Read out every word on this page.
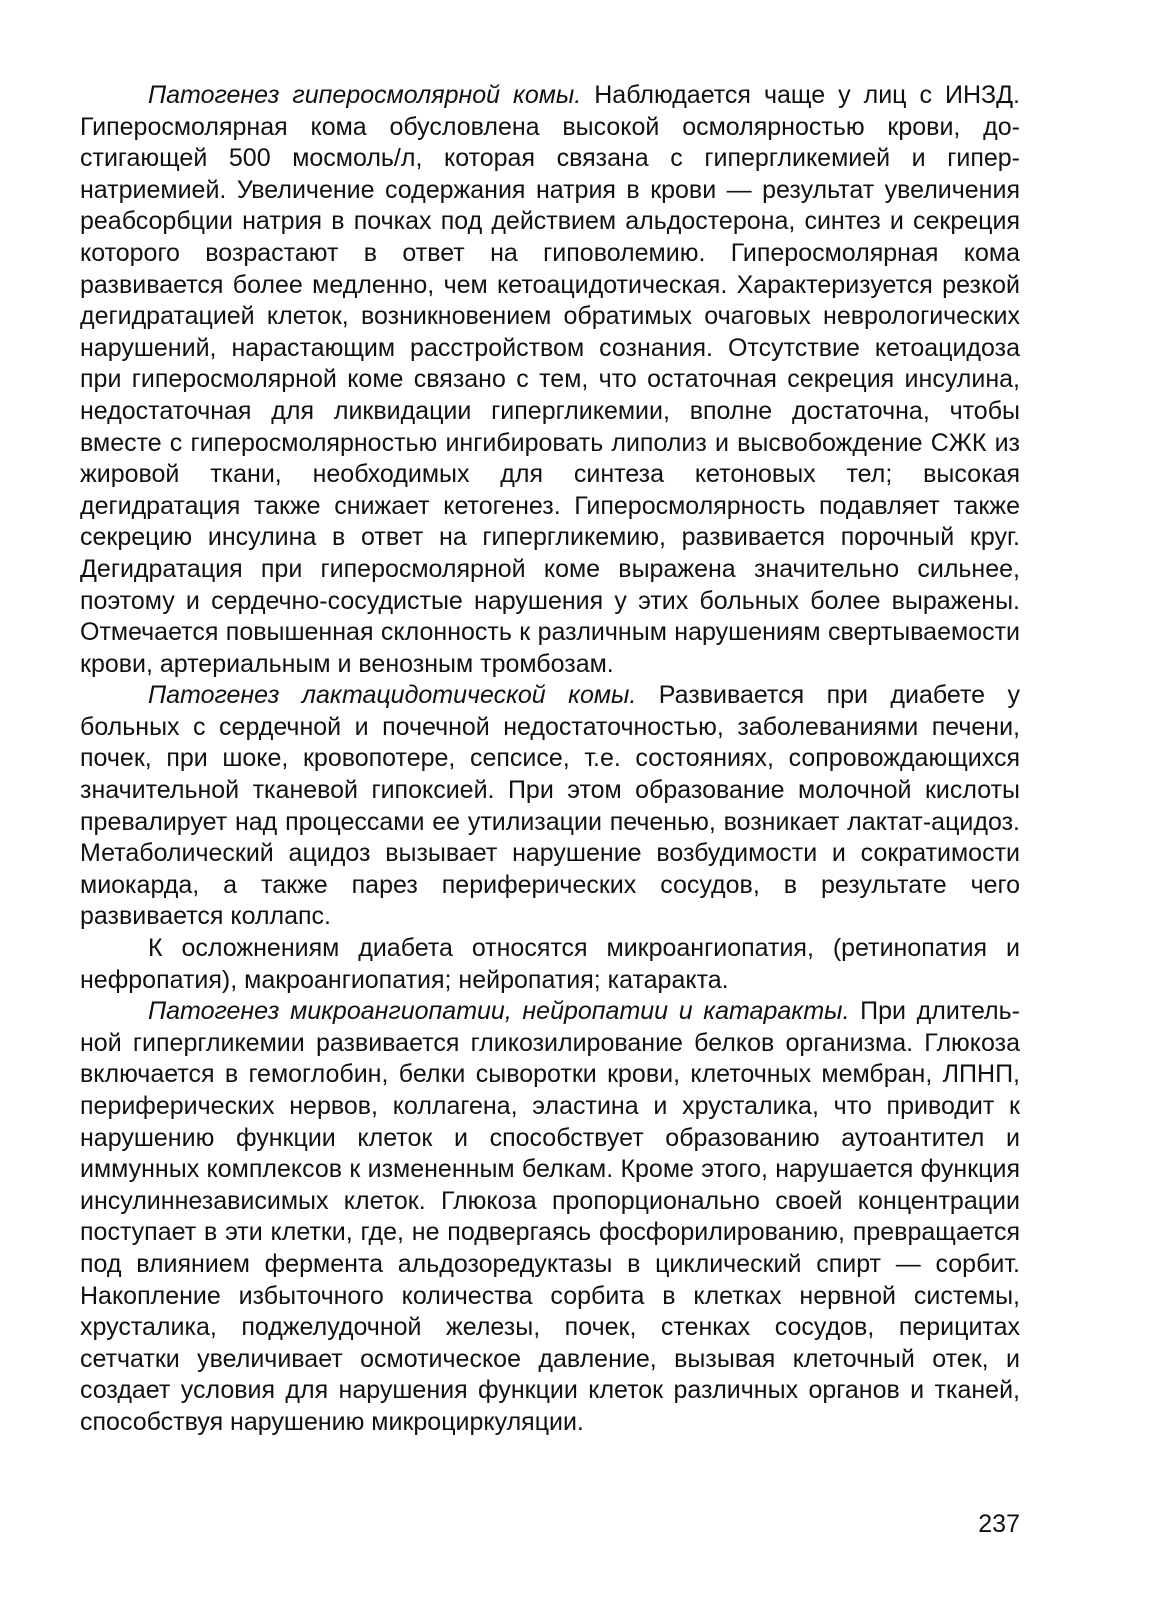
Патогенез гиперосмолярной комы. Наблюдается чаще у лиц с ИНЗД. Гиперосмолярная кома обусловлена высокой осмолярностью крови, достигающей 500 мосмоль/л, которая связана с гипергликемией и гипернатриемией. Увеличение содержания натрия в крови — результат увеличения реабсорбции натрия в почках под действием альдостерона, синтез и секреция которого возрастают в ответ на гиповолемию. Гиперосмолярная кома развивается более медленно, чем кетоацидотическая. Характеризуется резкой дегидратацией клеток, возникновением обратимых очаговых неврологических нарушений, нарастающим расстройством сознания. Отсутствие кетоацидоза при гиперосмолярной коме связано с тем, что остаточная секреция инсулина, недостаточная для ликвидации гипергликемии, вполне достаточна, чтобы вместе с гиперосмолярностью ингибировать липолиз и высвобождение СЖК из жировой ткани, необходимых для синтеза кетоновых тел; высокая дегидратация также снижает кетогенез. Гиперосмолярность подавляет также секрецию инсулина в ответ на гипергликемию, развивается порочный круг. Дегидратация при гиперосмолярной коме выражена значительно сильнее, поэтому и сердечно-сосудистые нарушения у этих больных более выражены. Отмечается повышенная склонность к различным нарушениям свертываемости крови, артериальным и венозным тромбозам.

Патогенез лактацидотической комы. Развивается при диабете у больных с сердечной и почечной недостаточностью, заболеваниями печени, почек, при шоке, кровопотере, сепсисе, т.е. состояниях, сопровождающихся значительной тканевой гипоксией. При этом образование молочной кислоты превалирует над процессами ее утилизации печенью, возникает лактат-ацидоз. Метаболический ацидоз вызывает нарушение возбудимости и сократимости миокарда, а также парез периферических сосудов, в результате чего развивается коллапс.

К осложнениям диабета относятся микроангиопатия, (ретинопатия и нефропатия), макроангиопатия; нейропатия; катаракта.

Патогенез микроангиопатии, нейропатии и катаракты. При длительной гипергликемии развивается гликозилирование белков организма. Глюкоза включается в гемоглобин, белки сыворотки крови, клеточных мембран, ЛПНП, периферических нервов, коллагена, эластина и хрусталика, что приводит к нарушению функции клеток и способствует образованию аутоантител и иммунных комплексов к измененным белкам. Кроме этого, нарушается функция инсулиннезависимых клеток. Глюкоза пропорционально своей концентрации поступает в эти клетки, где, не подвергаясь фосфорилированию, превращается под влиянием фермента альдозоредуктазы в циклический спирт — сорбит. Накопление избыточного количества сорбита в клетках нервной системы, хрусталика, поджелудочной железы, почек, стенках сосудов, перицитах сетчатки увеличивает осмотическое давление, вызывая клеточный отек, и создает условия для нарушения функции клеток различных органов и тканей, способствуя нарушению микроциркуляции.

237
